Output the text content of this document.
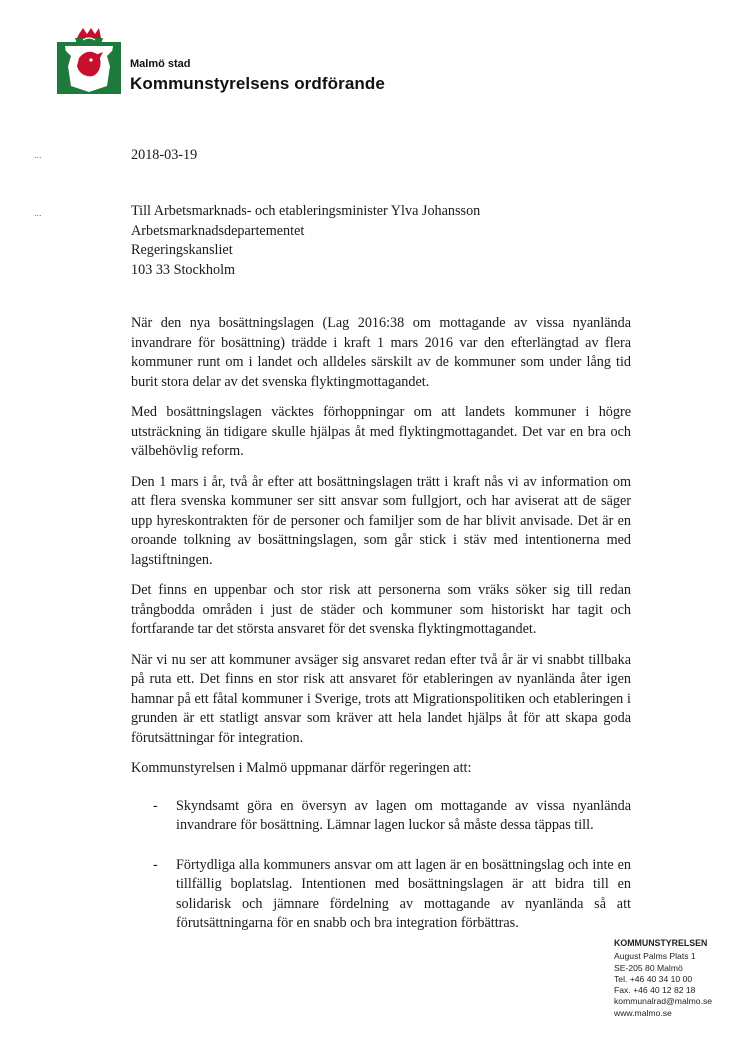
Malmö stad
Kommunstyrelsens ordförande
...
...
2018-03-19
Till Arbetsmarknads- och etableringsminister Ylva Johansson
Arbetsmarknadsdepartementet
Regeringskansliet
103 33 Stockholm

När den nya bosättningslagen (Lag 2016:38 om mottagande av vissa nyanlända invandrare för bosättning) trädde i kraft 1 mars 2016 var den efterlängtad av flera kommuner runt om i landet och alldeles särskilt av de kommuner som under lång tid burit stora delar av det svenska flyktingmottagandet.

Med bosättningslagen väcktes förhoppningar om att landets kommuner i högre utsträckning än tidigare skulle hjälpas åt med flyktingmottagandet. Det var en bra och välbehövlig reform.

Den 1 mars i år, två år efter att bosättningslagen trätt i kraft nås vi av information om att flera svenska kommuner ser sitt ansvar som fullgjort, och har aviserat att de säger upp hyreskontrakten för de personer och familjer som de har blivit anvisade. Det är en oroande tolkning av bosättningslagen, som går stick i stäv med intentionerna med lagstiftningen.

Det finns en uppenbar och stor risk att personerna som vräks söker sig till redan trångbodda områden i just de städer och kommuner som historiskt har tagit och fortfarande tar det största ansvaret för det svenska flyktingmottagandet.

När vi nu ser att kommuner avsäger sig ansvaret redan efter två år är vi snabbt tillbaka på ruta ett. Det finns en stor risk att ansvaret för etableringen av nyanlända åter igen hamnar på ett fåtal kommuner i Sverige, trots att Migrationspolitiken och etableringen i grunden är ett statligt ansvar som kräver att hela landet hjälps åt för att skapa goda förutsättningar för integration.

Kommunstyrelsen i Malmö uppmanar därför regeringen att:

- Skyndsamt göra en översyn av lagen om mottagande av vissa nyanlända invandrare för bosättning. Lämnar lagen luckor så måste dessa täppas till.
- Förtydliga alla kommuners ansvar om att lagen är en bosättningslag och inte en tillfällig boplatslag. Intentionen med bosättningslagen är att bidra till en solidarisk och jämnare fördelning av mottagande av nyanlända så att förutsättningarna för en snabb och bra integration förbättras.
KOMMUNSTYRELSEN
August Palms Plats 1
SE-205 80 Malmö
Tel. +46 40 34 10 00
Fax. +46 40 12 82 18
kommunalrad@malmo.se
www.malmo.se
